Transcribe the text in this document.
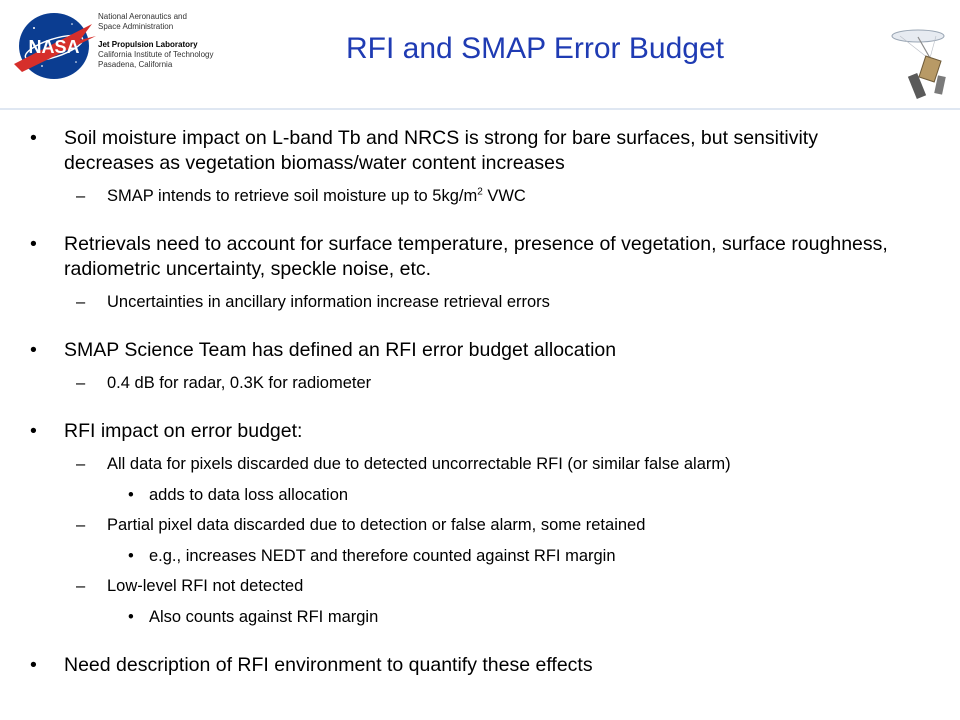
NASA
National Aeronautics and
Space Administration
Jet Propulsion Laboratory
California Institute of Technology
Pasadena, California	RFI and SMAP Error Budget
• Soil moisture impact on L-band Tb and NRCS is strong for bare surfaces, but sensitivity decreases as vegetation biomass/water content increases
– SMAP intends to retrieve soil moisture up to $5kg/m^2$ VWC
• Retrievals need to account for surface temperature, presence of vegetation, surface roughness, radiometric uncertainty, speckle noise, etc.
– Uncertainties in ancillary information increase retrieval errors
• SMAP Science Team has defined an RFI error budget allocation
– 0.4 dB for radar, 0.3K for radiometer
• RFI impact on error budget:
– All data for pixels discarded due to detected uncorrectable RFI (or similar false alarm)
• adds to data loss allocation
– Partial pixel data discarded due to detection or false alarm, some retained
• e.g., increases NEDT and therefore counted against RFI margin
– Low-level RFI not detected
• Also counts against RFI margin
• Need description of RFI environment to quantify these effects
